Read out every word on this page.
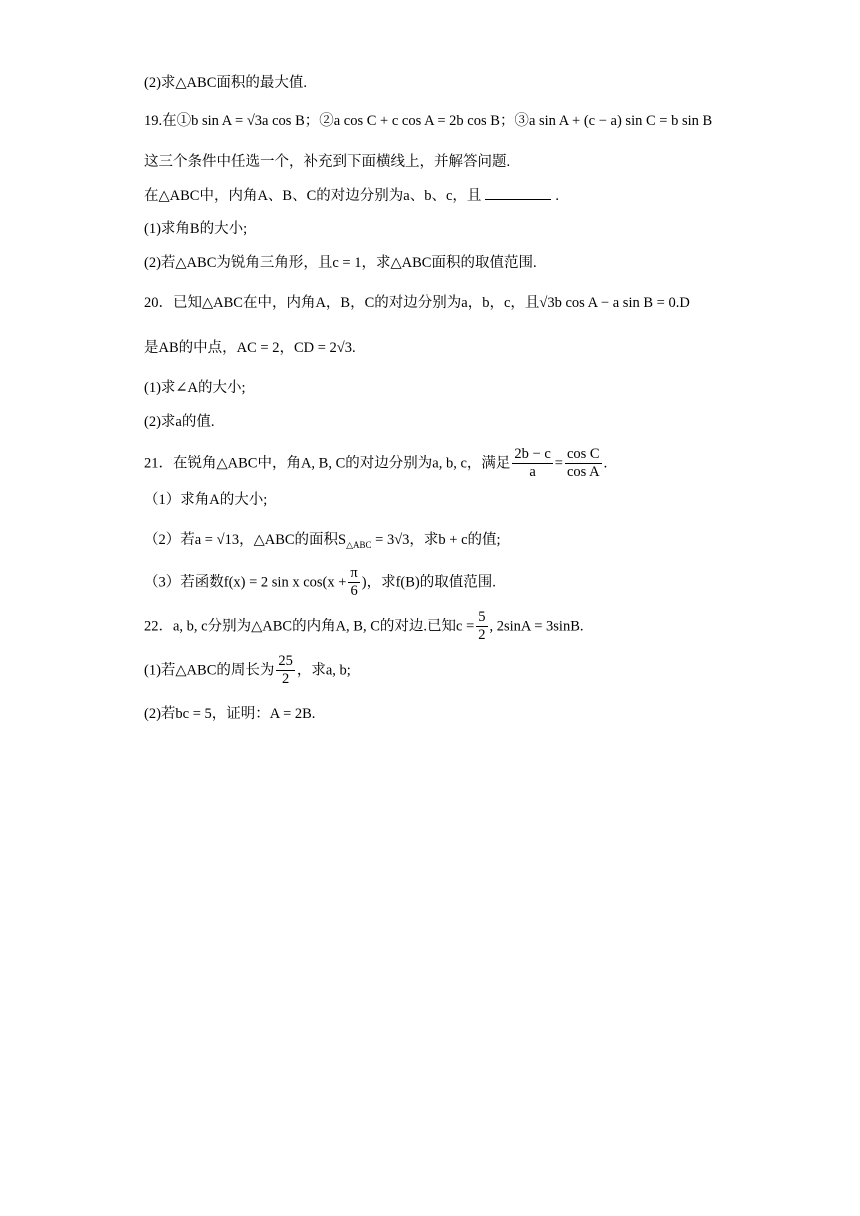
(2)求△ABC面积的最大值.
19.在①b sin A = √3a cos B；②a cos C + c cos A = 2b cos B；③a sin A + (c − a) sin C = b sin B
这三个条件中任选一个，补充到下面横线上，并解答问题.
在△ABC中，内角A、B、C的对边分别为a、b、c，且	.
(1)求角B的大小;
(2)若△ABC为锐角三角形，且c = 1，求△ABC面积的取值范围.
20．已知△ABC在中，内角A，B，C的对边分别为a，b，c，且√3b cos A − a sin B = 0.D
是AB的中点，AC = 2，CD = 2√3.
(1)求∠A的大小;
(2)求a的值.
21．在锐角△ABC中，角A, B, C的对边分别为a, b, c，满足 $\frac{2b - c}{a} = \frac{\text{cos C}}{\text{cos A}}$ .
（1）求角A的大小;
（2）若a = √13，△ABC的面积$S_{\triangle ABC} = 3√3$，求b + c的值;
（3）若函数f(x) = 2 sin x $\cos(x + \frac{\pi}{6}$ )，求f(B)的取值范围.
22．a, b, c分别为△ABC的内角A, B, C的对边.已知$c = \frac{5}{2}$ , 2sinA = 3sinB.
(1)若△ABC的周长为 $\frac{25}{2}$ ，求a, b;
(2)若bc = 5，证明：A = 2B.
